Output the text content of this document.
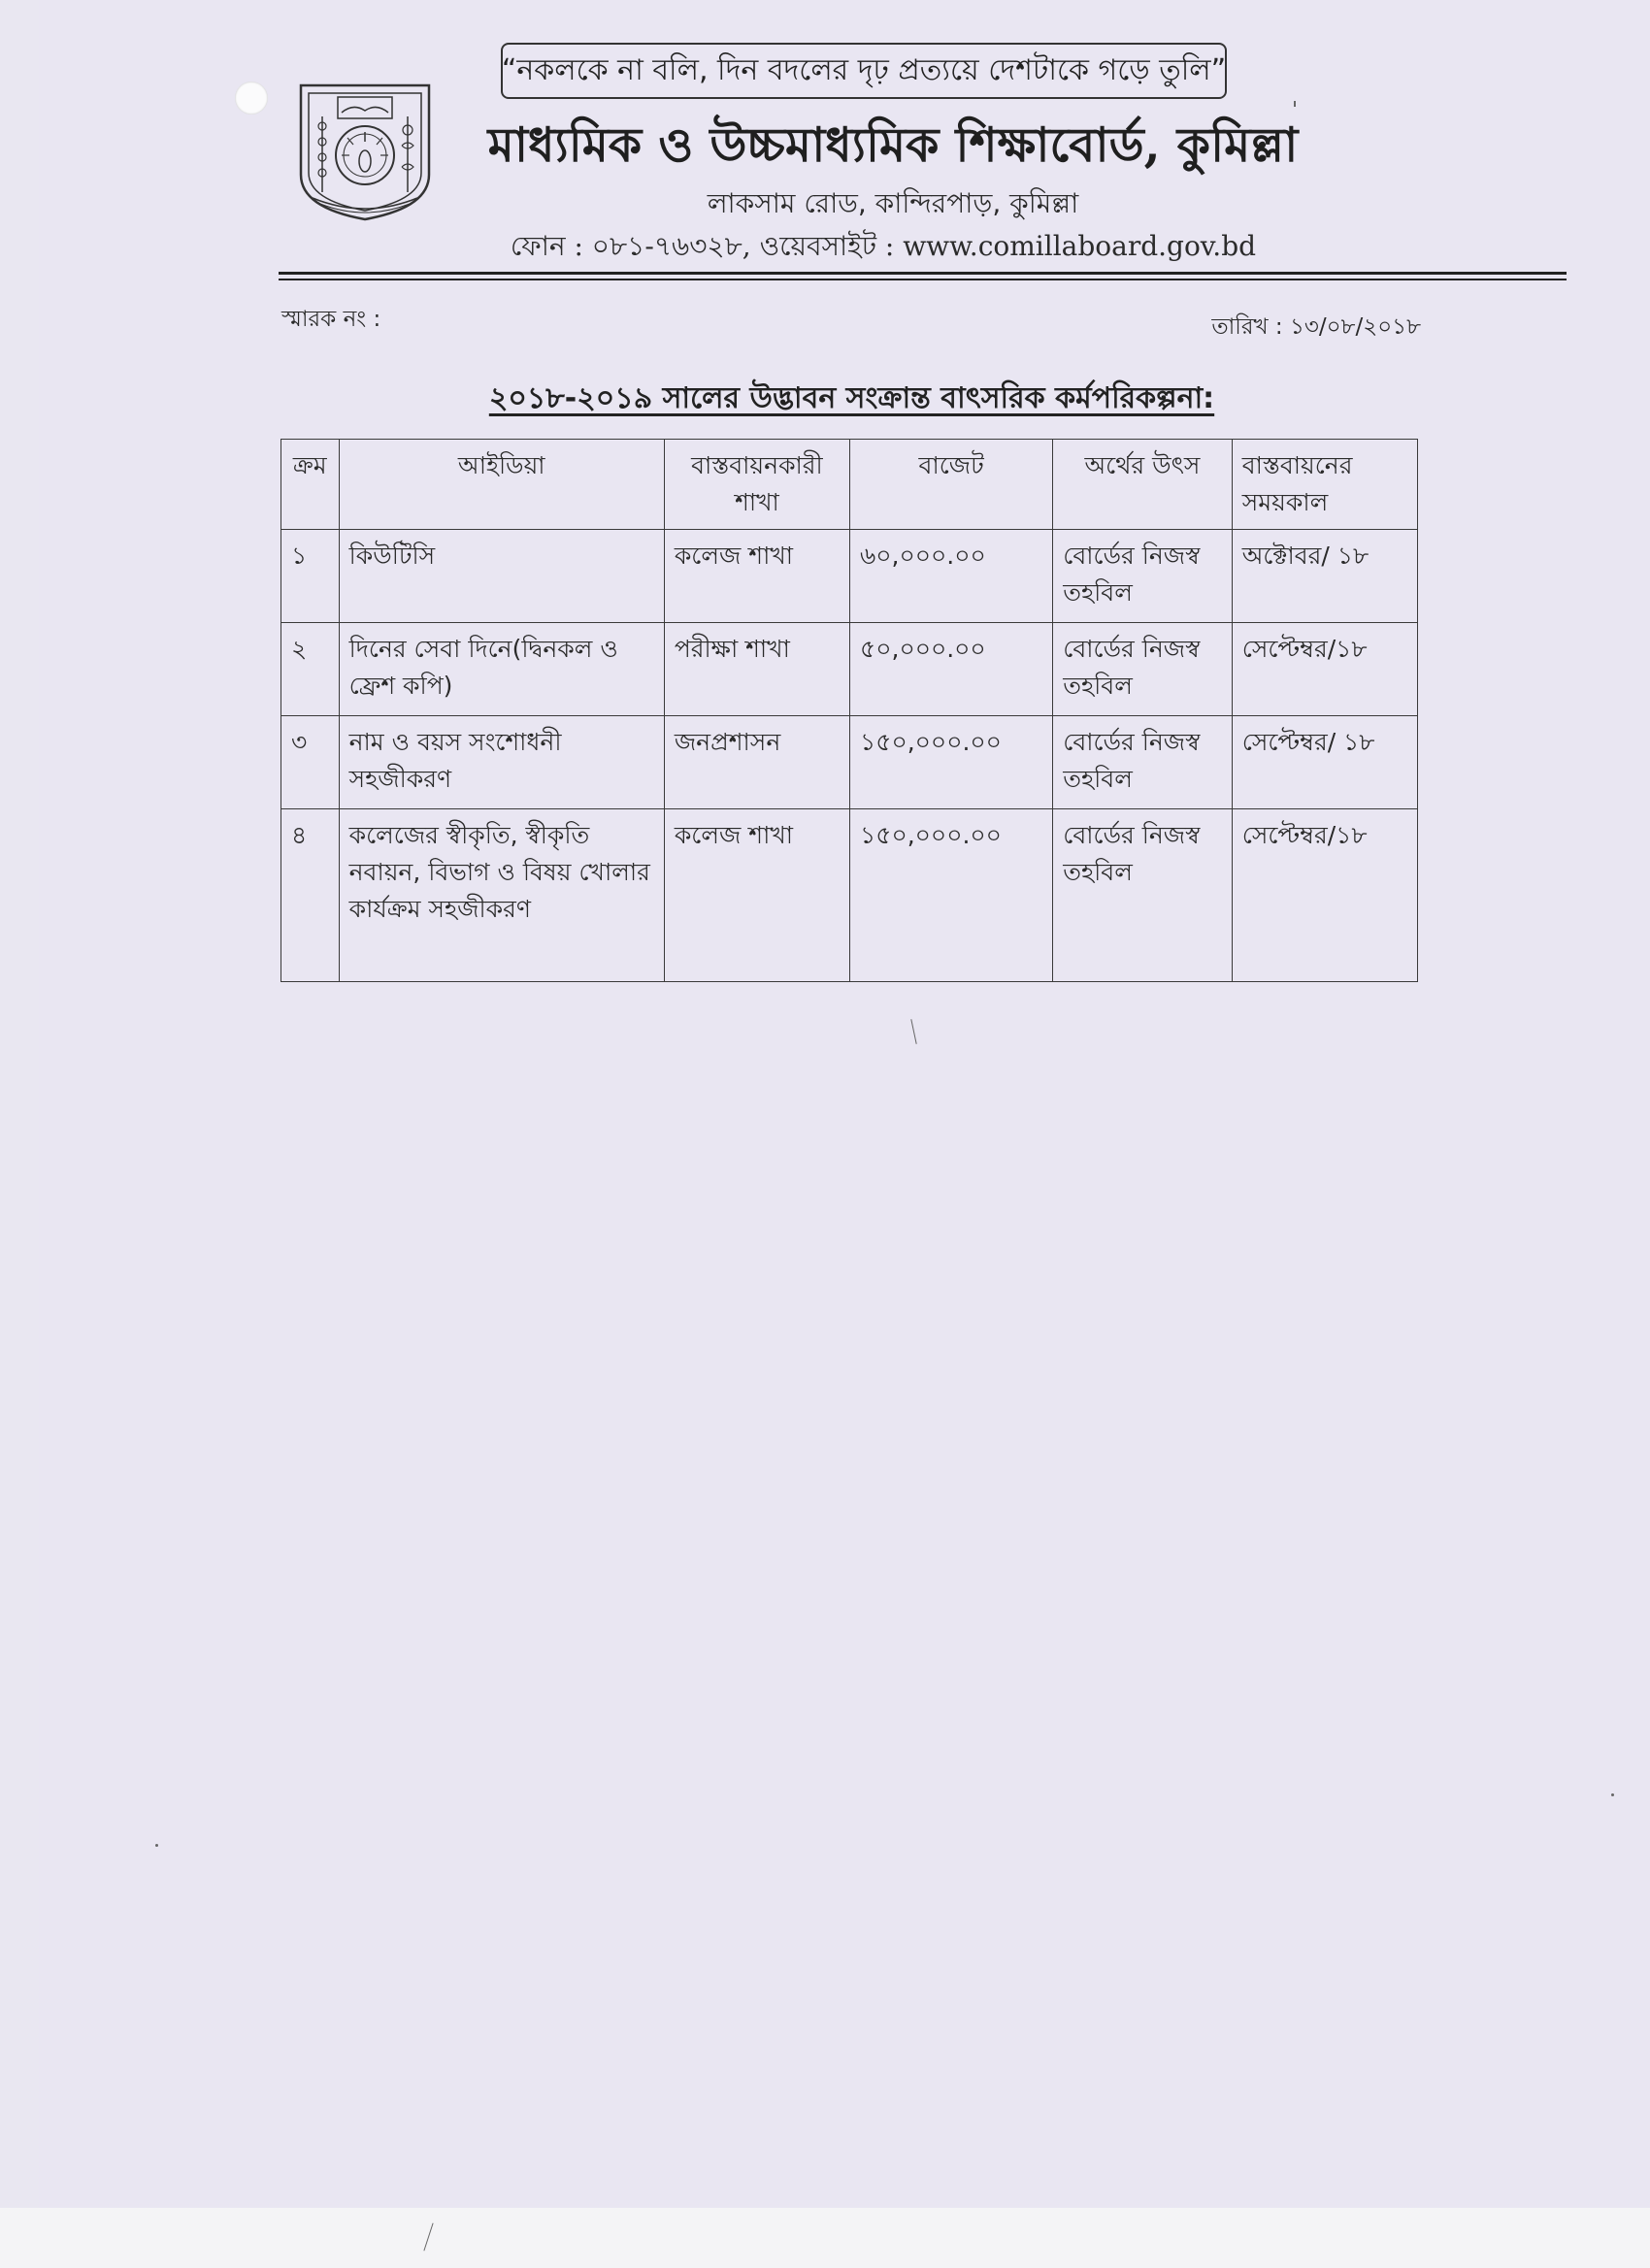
“নকলকে না বলি, দিন বদলের দৃঢ় প্রত্যয়ে দেশটাকে গড়ে তুলি”
মাধ্যমিক ও উচ্চমাধ্যমিক শিক্ষাবোর্ড, কুমিল্লা
লাকসাম রোড, কান্দিরপাড়, কুমিল্লা
ফোন : ০৮১-৭৬৩২৮, ওয়েবসাইট : www.comillaboard.gov.bd
স্মারক নং :	তারিখ : ১৩/০৮/২০১৮
২০১৮-২০১৯ সালের উদ্ভাবন সংক্রান্ত বাৎসরিক কর্মপরিকল্পনা:
ক্রম	আইডিয়া	বাস্তবায়নকারী শাখা	বাজেট	অর্থের উৎস	বাস্তবায়নের সময়কাল
১	কিউটিসি	কলেজ শাখা	৬০,০০০.০০	বোর্ডের নিজস্ব তহবিল	অক্টোবর/ ১৮
২	দিনের সেবা দিনে(দ্বিনকল ও ফ্রেশ কপি)	পরীক্ষা শাখা	৫০,০০০.০০	বোর্ডের নিজস্ব তহবিল	সেপ্টেম্বর/১৮
৩	নাম ও বয়স সংশোধনী সহজীকরণ	জনপ্রশাসন	১৫০,০০০.০০	বোর্ডের নিজস্ব তহবিল	সেপ্টেম্বর/ ১৮
৪	কলেজের স্বীকৃতি, স্বীকৃতি নবায়ন, বিভাগ ও বিষয় খোলার কার্যক্রম সহজীকরণ	কলেজ শাখা	১৫০,০০০.০০	বোর্ডের নিজস্ব তহবিল	সেপ্টেম্বর/১৮
